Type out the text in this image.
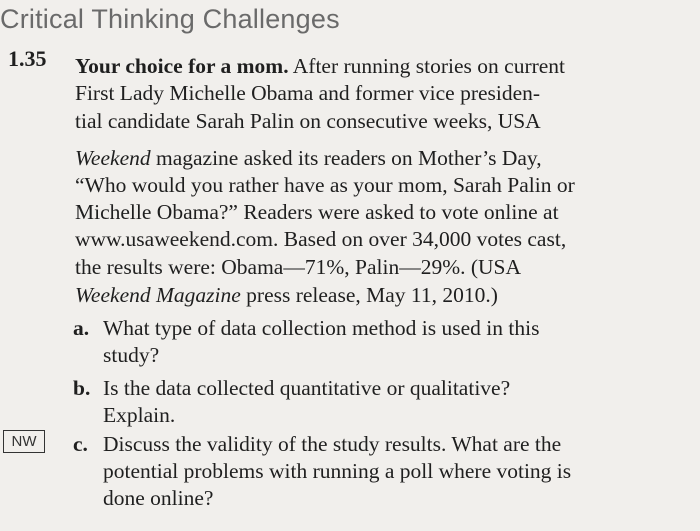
Critical Thinking Challenges
1.35 Your choice for a mom. After running stories on current
First Lady Michelle Obama and former vice presiden-
tial candidate Sarah Palin on consecutive weeks, USA
Weekend magazine asked its readers on Mother’s Day,
“Who would you rather have as your mom, Sarah Palin or
Michelle Obama?” Readers were asked to vote online at
www.usaweekend.com. Based on over 34,000 votes cast,
the results were: Obama—71%, Palin—29%. (USA
Weekend Magazine press release, May 11, 2010.)
a. What type of data collection method is used in this
study?
b. Is the data collected quantitative or qualitative?
Explain.
NW	c. Discuss the validity of the study results. What are the
potential problems with running a poll where voting is
done online?
